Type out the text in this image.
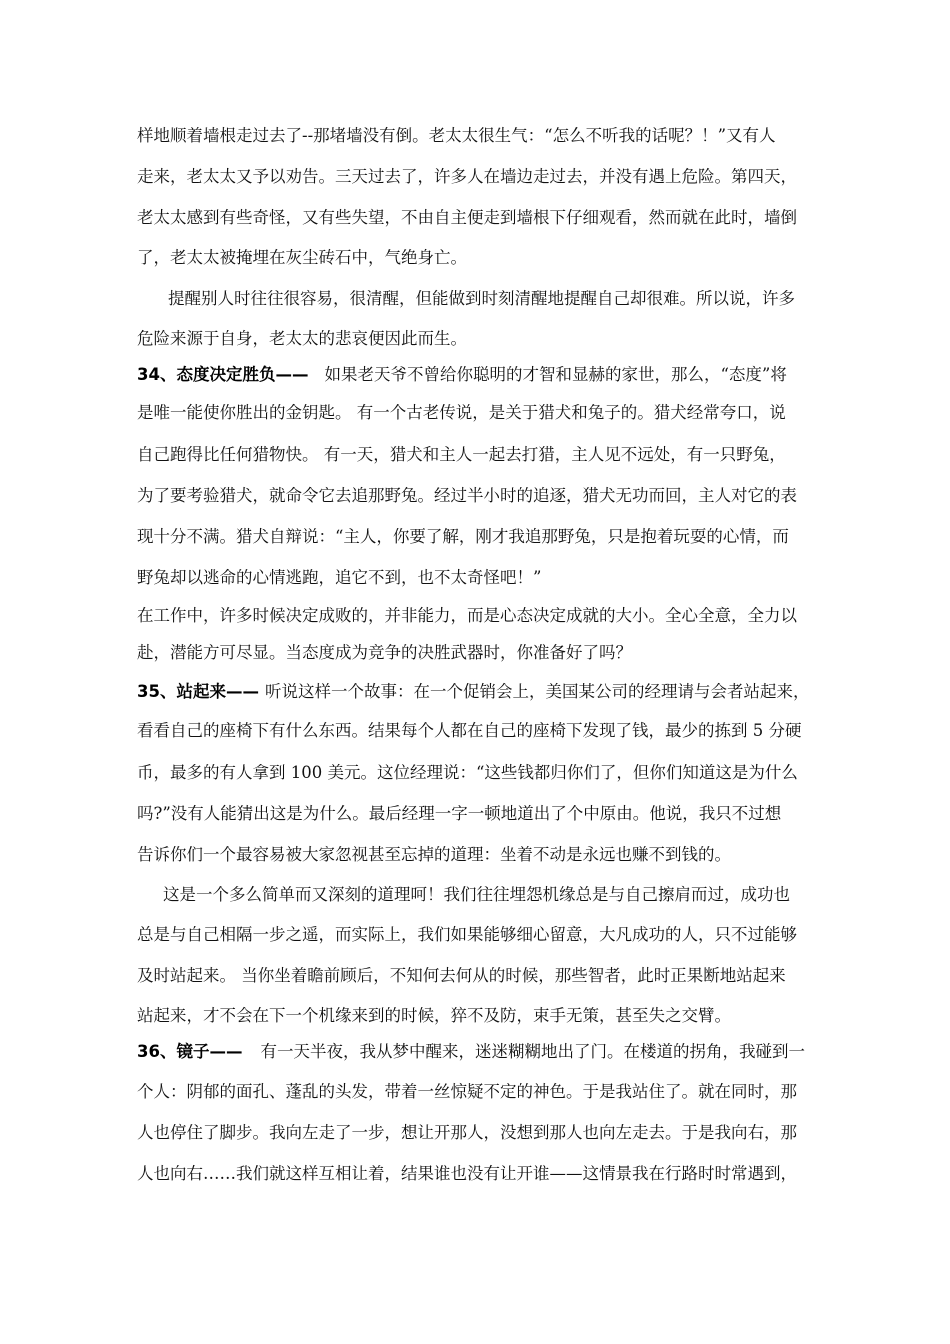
样地顺着墙根走过去了--那堵墙没有倒。老太太很生气：“怎么不听我的话呢？！”又有人
走来，老太太又予以劝告。三天过去了，许多人在墙边走过去，并没有遇上危险。第四天，
老太太感到有些奇怪，又有些失望，不由自主便走到墙根下仔细观看，然而就在此时，墙倒
了，老太太被掩埋在灰尘砖石中，气绝身亡。
提醒别人时往往很容易，很清醒，但能做到时刻清醒地提醒自己却很难。所以说，许多
危险来源于自身，老太太的悲哀便因此而生。
34、态度决定胜负—— 如果老天爷不曾给你聪明的才智和显赫的家世，那么，“态度”将
是唯一能使你胜出的金钥匙。 有一个古老传说，是关于猎犬和兔子的。猎犬经常夸口，说
自己跑得比任何猎物快。 有一天，猎犬和主人一起去打猎，主人见不远处，有一只野兔，
为了要考验猎犬，就命令它去追那野兔。经过半小时的追逐，猎犬无功而回，主人对它的表
现十分不满。猎犬自辩说：“主人，你要了解，刚才我追那野兔，只是抱着玩耍的心情，而
野兔却以逃命的心情逃跑，追它不到，也不太奇怪吧！”
在工作中，许多时候决定成败的，并非能力，而是心态决定成就的大小。全心全意，全力以
赴，潜能方可尽显。当态度成为竞争的决胜武器时，你准备好了吗？
35、站起来—— 听说这样一个故事：在一个促销会上，美国某公司的经理请与会者站起来，
看看自己的座椅下有什么东西。结果每个人都在自己的座椅下发现了钱，最少的拣到 5 分硬
币，最多的有人拿到 100 美元。这位经理说：“这些钱都归你们了，但你们知道这是为什么
吗?”没有人能猜出这是为什么。最后经理一字一顿地道出了个中原由。他说，我只不过想
告诉你们一个最容易被大家忽视甚至忘掉的道理：坐着不动是永远也赚不到钱的。
这是一个多么简单而又深刻的道理呵！我们往往埋怨机缘总是与自己擦肩而过，成功也
总是与自己相隔一步之遥，而实际上，我们如果能够细心留意，大凡成功的人，只不过能够
及时站起来。 当你坐着瞻前顾后，不知何去何从的时候，那些智者，此时正果断地站起来
站起来，才不会在下一个机缘来到的时候，猝不及防，束手无策，甚至失之交臂。
36、镜子—— 有一天半夜，我从梦中醒来，迷迷糊糊地出了门。在楼道的拐角，我碰到一
个人：阴郁的面孔、蓬乱的头发，带着一丝惊疑不定的神色。于是我站住了。就在同时，那
人也停住了脚步。我向左走了一步，想让开那人，没想到那人也向左走去。于是我向右，那
人也向右……我们就这样互相让着，结果谁也没有让开谁——这情景我在行路时时常遇到，
